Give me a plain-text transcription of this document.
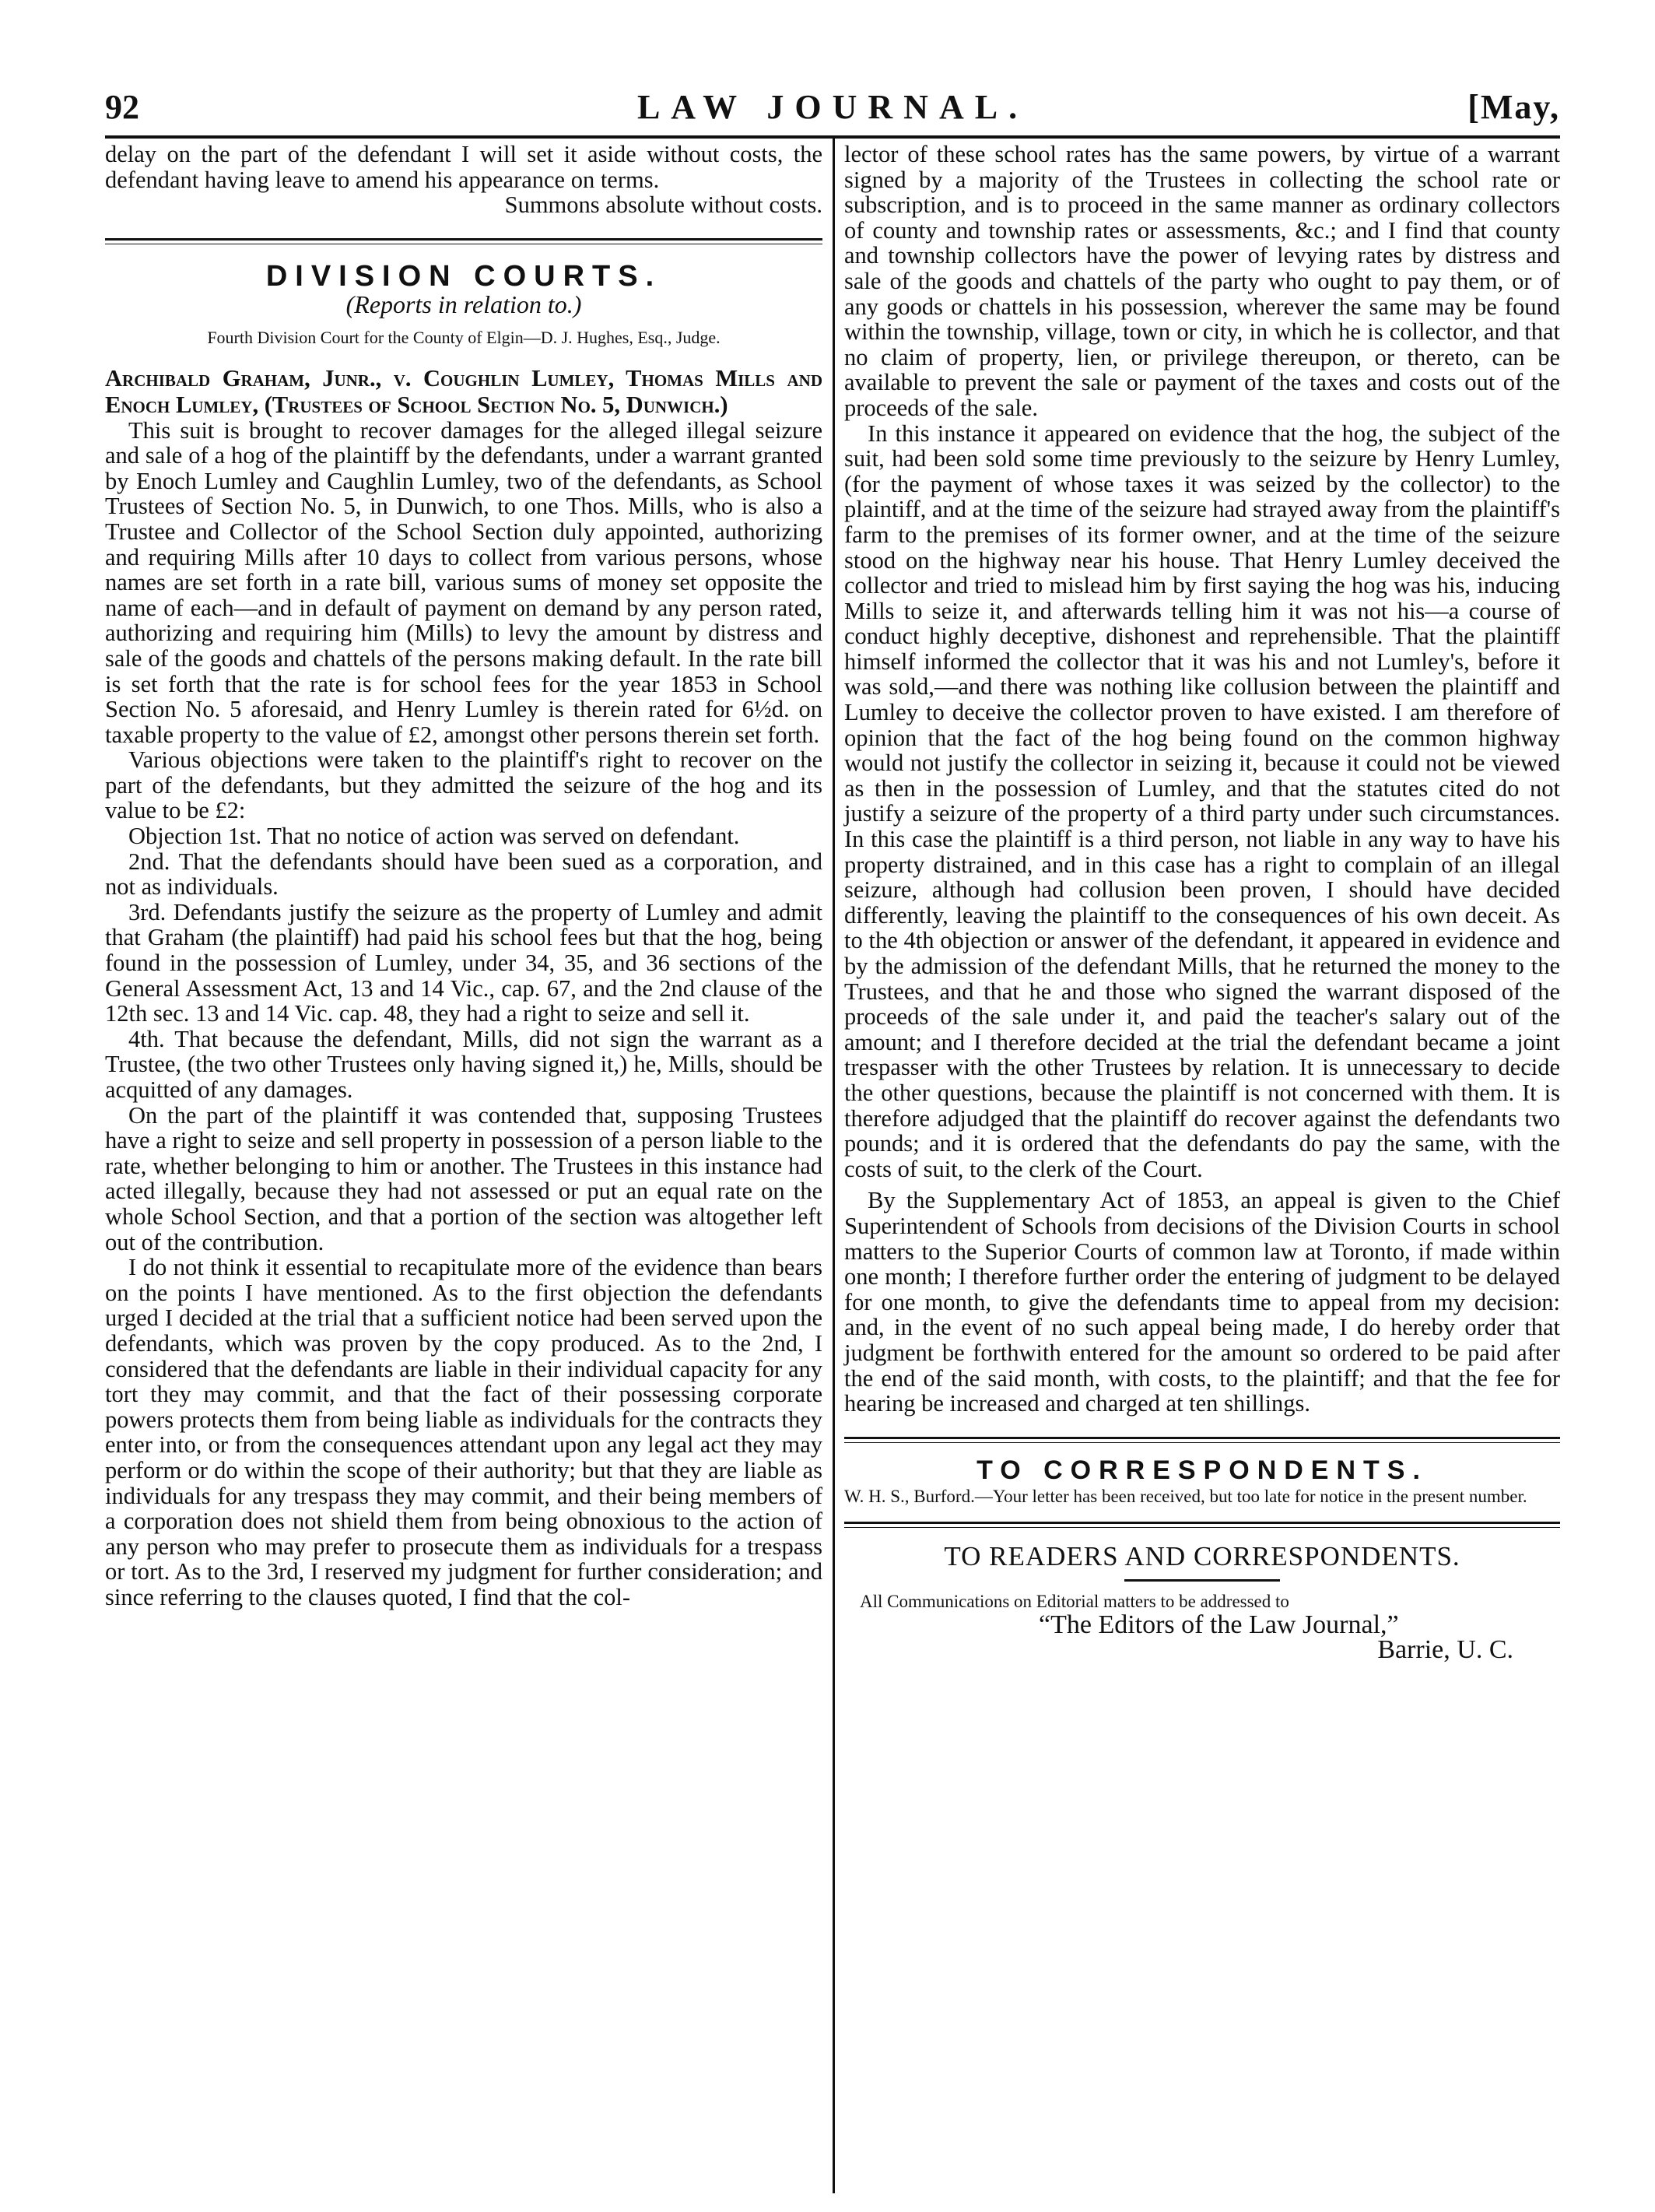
92	LAW JOURNAL.	[May,

delay on the part of the defendant I will set it aside without costs, the defendant having leave to amend his appearance on terms.

Summons absolute without costs.

DIVISION COURTS.
(Reports in relation to.)
Fourth Division Court for the County of Elgin—D. J. Hughes, Esq., Judge.

Archibald Graham, Junr., v. Coughlin Lumley, Thomas Mills and Enoch Lumley, (Trustees of School Section No. 5, Dunwich.)

This suit is brought to recover damages for the alleged illegal seizure and sale of a hog of the plaintiff by the defendants, under a warrant granted by Enoch Lumley and Caughlin Lumley, two of the defendants, as School Trustees of Section No. 5, in Dunwich, to one Thos. Mills, who is also a Trustee and Collector of the School Section duly appointed, authorizing and requiring Mills after 10 days to collect from various persons, whose names are set forth in a rate bill, various sums of money set opposite the name of each—and in default of payment on demand by any person rated, authorizing and requiring him (Mills) to levy the amount by distress and sale of the goods and chattels of the persons making default. In the rate bill is set forth that the rate is for school fees for the year 1853 in School Section No. 5 aforesaid, and Henry Lumley is therein rated for 6½d. on taxable property to the value of £2, amongst other persons therein set forth.

Various objections were taken to the plaintiff's right to recover on the part of the defendants, but they admitted the seizure of the hog and its value to be £2:

Objection 1st. That no notice of action was served on defendant.

2nd. That the defendants should have been sued as a corporation, and not as individuals.

3rd. Defendants justify the seizure as the property of Lumley and admit that Graham (the plaintiff) had paid his school fees but that the hog, being found in the possession of Lumley, under 34, 35, and 36 sections of the General Assessment Act, 13 and 14 Vic., cap. 67, and the 2nd clause of the 12th sec. 13 and 14 Vic. cap. 48, they had a right to seize and sell it.

4th. That because the defendant, Mills, did not sign the warrant as a Trustee, (the two other Trustees only having signed it,) he, Mills, should be acquitted of any damages.

On the part of the plaintiff it was contended that, supposing Trustees have a right to seize and sell property in possession of a person liable to the rate, whether belonging to him or another. The Trustees in this instance had acted illegally, because they had not assessed or put an equal rate on the whole School Section, and that a portion of the section was altogether left out of the contribution.

I do not think it essential to recapitulate more of the evidence than bears on the points I have mentioned. As to the first objection the defendants urged I decided at the trial that a sufficient notice had been served upon the defendants, which was proven by the copy produced. As to the 2nd, I considered that the defendants are liable in their individual capacity for any tort they may commit, and that the fact of their possessing corporate powers protects them from being liable as individuals for the contracts they enter into, or from the consequences attendant upon any legal act they may perform or do within the scope of their authority; but that they are liable as individuals for any trespass they may commit, and their being members of a corporation does not shield them from being obnoxious to the action of any person who may prefer to prosecute them as individuals for a trespass or tort. As to the 3rd, I reserved my judgment for further consideration; and since referring to the clauses quoted, I find that the col-

lector of these school rates has the same powers, by virtue of a warrant signed by a majority of the Trustees in collecting the school rate or subscription, and is to proceed in the same manner as ordinary collectors of county and township rates or assessments, &c.; and I find that county and township collectors have the power of levying rates by distress and sale of the goods and chattels of the party who ought to pay them, or of any goods or chattels in his possession, wherever the same may be found within the township, village, town or city, in which he is collector, and that no claim of property, lien, or privilege thereupon, or thereto, can be available to prevent the sale or payment of the taxes and costs out of the proceeds of the sale.

In this instance it appeared on evidence that the hog, the subject of the suit, had been sold some time previously to the seizure by Henry Lumley, (for the payment of whose taxes it was seized by the collector) to the plaintiff, and at the time of the seizure had strayed away from the plaintiff's farm to the premises of its former owner, and at the time of the seizure stood on the highway near his house. That Henry Lumley deceived the collector and tried to mislead him by first saying the hog was his, inducing Mills to seize it, and afterwards telling him it was not his—a course of conduct highly deceptive, dishonest and reprehensible. That the plaintiff himself informed the collector that it was his and not Lumley's, before it was sold,—and there was nothing like collusion between the plaintiff and Lumley to deceive the collector proven to have existed. I am therefore of opinion that the fact of the hog being found on the common highway would not justify the collector in seizing it, because it could not be viewed as then in the possession of Lumley, and that the statutes cited do not justify a seizure of the property of a third party under such circumstances. In this case the plaintiff is a third person, not liable in any way to have his property distrained, and in this case has a right to complain of an illegal seizure, although had collusion been proven, I should have decided differently, leaving the plaintiff to the consequences of his own deceit. As to the 4th objection or answer of the defendant, it appeared in evidence and by the admission of the defendant Mills, that he returned the money to the Trustees, and that he and those who signed the warrant disposed of the proceeds of the sale under it, and paid the teacher's salary out of the amount; and I therefore decided at the trial the defendant became a joint trespasser with the other Trustees by relation. It is unnecessary to decide the other questions, because the plaintiff is not concerned with them. It is therefore adjudged that the plaintiff do recover against the defendants two pounds; and it is ordered that the defendants do pay the same, with the costs of suit, to the clerk of the Court.

By the Supplementary Act of 1853, an appeal is given to the Chief Superintendent of Schools from decisions of the Division Courts in school matters to the Superior Courts of common law at Toronto, if made within one month; I therefore further order the entering of judgment to be delayed for one month, to give the defendants time to appeal from my decision: and, in the event of no such appeal being made, I do hereby order that judgment be forthwith entered for the amount so ordered to be paid after the end of the said month, with costs, to the plaintiff; and that the fee for hearing be increased and charged at ten shillings.

TO CORRESPONDENTS.

W. H. S., Burford.—Your letter has been received, but too late for notice in the present number.

TO READERS AND CORRESPONDENTS.

All Communications on Editorial matters to be addressed to

“The Editors of the Law Journal,”

Barrie, U. C.
